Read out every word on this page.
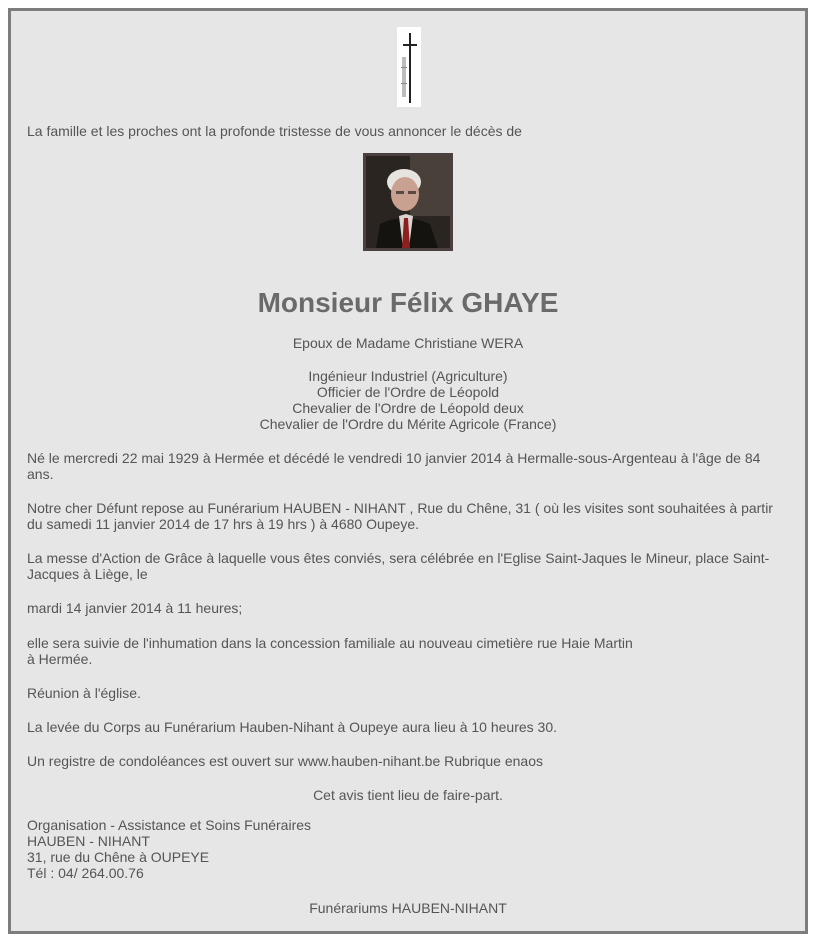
La famille et les proches ont la profonde tristesse de vous annoncer le décès de

Monsieur Félix GHAYE

Epoux de Madame Christiane WERA

Ingénieur Industriel (Agriculture)

Officier de l'Ordre de Léopold

Chevalier de l'Ordre de Léopold deux

Chevalier de l'Ordre du Mérite Agricole (France)

Né le mercredi 22 mai 1929 à Hermée et décédé le vendredi 10 janvier 2014 à Hermalle-sous-Argenteau à l'âge de 84 ans.

Notre cher Défunt repose au Funérarium HAUBEN - NIHANT , Rue du Chêne, 31 ( où les visites sont souhaitées à partir du samedi 11 janvier 2014 de 17 hrs à 19 hrs ) à 4680 Oupeye.

La messe d'Action de Grâce à laquelle vous êtes conviés, sera célébrée en l'Eglise Saint-Jaques le Mineur, place Saint-Jacques à Liège, le

mardi 14 janvier 2014 à 11 heures;

elle sera suivie de l'inhumation dans la concession familiale au nouveau cimetière rue Haie Martin

à Hermée.

Réunion à l'église.

La levée du Corps au Funérarium Hauben-Nihant à Oupeye aura lieu à 10 heures 30.

Un registre de condoléances est ouvert sur www.hauben-nihant.be Rubrique enaos

Cet avis tient lieu de faire-part.

Organisation - Assistance et Soins Funéraires

HAUBEN - NIHANT

31, rue du Chêne à OUPEYE

Tél : 04/ 264.00.76

Funérariums HAUBEN-NIHANT
